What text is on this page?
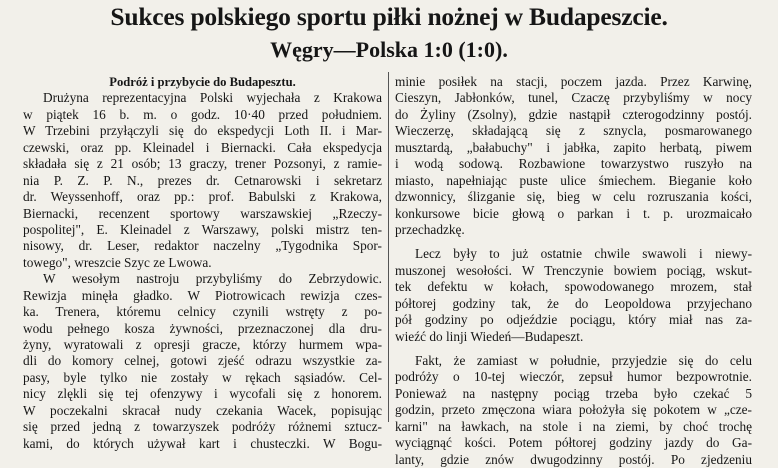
Sukces polskiego sportu piłki nożnej w Budapeszcie.
Węgry—Polska 1:0 (1:0).
Podróż i przybycie do Budapesztu.
Drużyna reprezentacyjna Polski wyjechała z Krakowa
w piątek 16 b. m. o godz. 10·40 przed południem.
W Trzebini przyłączyli się do ekspedycji Loth II. i Mar-
czewski, oraz pp. Kleinadel i Biernacki. Cała ekspedycja
składała się z 21 osób; 13 graczy, trener Pozsonyi, z ramie-
nia P. Z. P. N., prezes dr. Cetnarowski i sekretarz
dr. Weyssenhoff, oraz pp.: prof. Babulski z Krakowa,
Biernacki, recenzent sportowy warszawskiej „Rzeczy-
pospolitej", E. Kleinadel z Warszawy, polski mistrz ten-
nisowy, dr. Leser, redaktor naczelny „Tygodnika Spor-
towego", wreszcie Szyc ze Lwowa.
W wesołym nastroju przybyliśmy do Zebrzydowic.
Rewizja minęła gładko. W Piotrowicach rewizja czes-
ka. Trenera, któremu celnicy czynili wstręty z po-
wodu pełnego kosza żywności, przeznaczonej dla dru-
żyny, wyratowali z opresji gracze, którzy hurmem wpa-
dli do komory celnej, gotowi zjeść odrazu wszystkie za-
pasy, byle tylko nie zostały w rękach sąsiadów. Cel-
nicy zlękli się tej ofenzywy i wycofali się z honorem.
W poczekalni skracał nudy czekania Wacek, popisując
się przed jedną z towarzyszek podróży różnemi sztucz-
kami, do których używał kart i chusteczki. W Bogu-
minie posiłek na stacji, poczem jazda. Przez Karwinę,
Cieszyn, Jabłonków, tunel, Czaczę przybyliśmy w nocy
do Żyliny (Zsolny), gdzie nastąpił czterogodzinny postój.
Wieczerzę, składającą się z sznycla, posmarowanego
musztardą, „bałabuchy" i jabłka, zapito herbatą, piwem
i wodą sodową. Rozbawione towarzystwo ruszyło na
miasto, napełniając puste ulice śmiechem. Bieganie koło
dzwonnicy, ślizganie się, bieg w celu rozruszania kości,
konkursowe bicie głową o parkan i t. p. urozmaicało
przechadzkę.
Lecz były to już ostatnie chwile swawoli i niewy-
muszonej wesołości. W Trenczynie bowiem pociąg, wskut-
tek defektu w kołach, spowodowanego mrozem, stał
półtorej godziny tak, że do Leopoldowa przyjechano
pół godziny po odjeździe pociągu, który miał nas za-
wieźć do linji Wiedeń—Budapeszt.
Fakt, że zamiast w południe, przyjedzie się do celu
podróży o 10-tej wieczór, zepsuł humor bezpowrotnie.
Ponieważ na następny pociąg trzeba było czekać 5
godzin, przeto zmęczona wiara położyła się pokotem w „cze-
karni" na ławkach, na stole i na ziemi, by choć trochę
wyciągnąć kości. Potem półtorej godziny jazdy do Ga-
lanty, gdzie znów dwugodzinny postój. Po zjedzeniu
